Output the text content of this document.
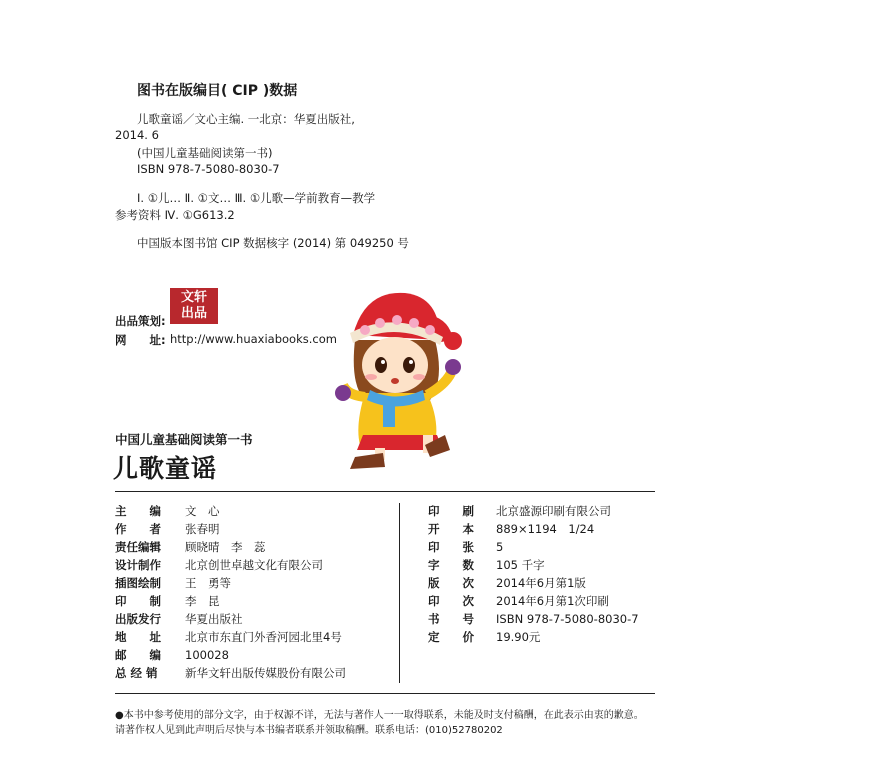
图书在版编目( CIP )数据
儿歌童谣／文心主编. 一北京：华夏出版社,
2014. 6
(中国儿童基础阅读第一书)
ISBN 978-7-5080-8030-7
Ⅰ. ①儿… Ⅱ. ①文… Ⅲ. ①儿歌—学前教育—教学
参考资料 Ⅳ. ①G613.2
中国版本图书馆 CIP 数据核字 (2014) 第 049250 号
文轩
出品
出品策划:
网　　址: http://www.huaxiabooks.com
中国儿童基础阅读第一书
儿歌童谣
主　　编 文　心
作　　者 张春明
责任编辑 顾晓晴　李　蕊
设计制作 北京创世卓越文化有限公司
插图绘制 王　勇等
印　　制 李　昆
出版发行 华夏出版社
地　　址 北京市东直门外香河园北里4号
邮　　编 100028
总 经 销 新华文轩出版传媒股份有限公司
印　　刷 北京盛源印刷有限公司
开　　本 889×1194　1/24
印　　张 5
字　　数 105 千字
版　　次 2014年6月第1版
印　　次 2014年6月第1次印刷
书　　号 ISBN 978-7-5080-8030-7
定　　价 19.90元
●本书中参考使用的部分文字，由于权源不详，无法与著作人一一取得联系，未能及时支付稿酬，在此表示由衷的歉意。
请著作权人见到此声明后尽快与本书编者联系并领取稿酬。联系电话：(010)52780202
